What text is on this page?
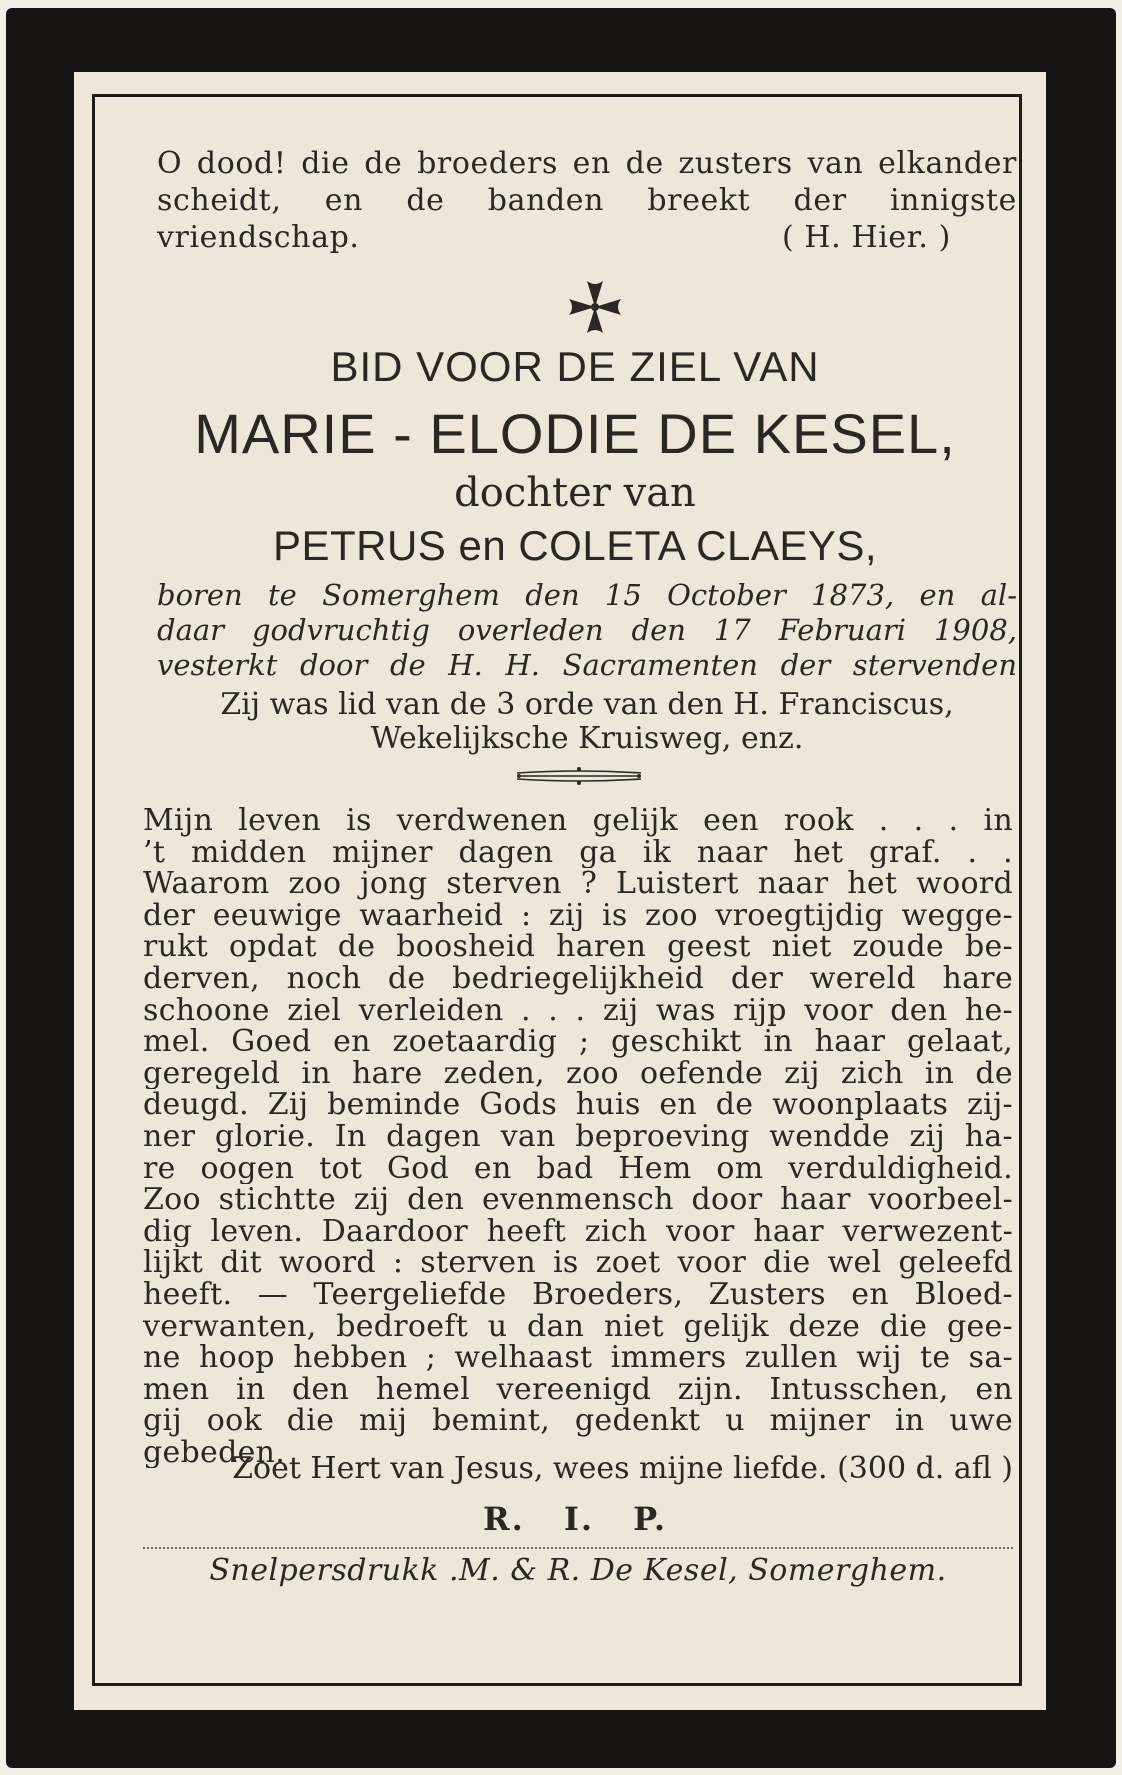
O dood! die de broeders en de zusters van elkander scheidt, en de banden breekt der innigste vriendschap.	( H. Hier. )
BID VOOR DE ZIEL VAN
MARIE - ELODIE DE KESEL,
dochter van
PETRUS en COLETA CLAEYS,
boren te Somerghem den 15 October 1873, en al-
daar godvruchtig overleden den 17 Februari 1908,
vesterkt door de H. H. Sacramenten der stervenden
Zij was lid van de 3 orde van den H. Franciscus,
Wekelijksche Kruisweg, enz.
Mijn leven is verdwenen gelijk een rook . . . in
’t midden mijner dagen ga ik naar het graf. . .
Waarom zoo jong sterven ? Luistert naar het woord
der eeuwige waarheid : zij is zoo vroegtijdig wegge-
rukt opdat de boosheid haren geest niet zoude be-
derven, noch de bedriegelijkheid der wereld hare
schoone ziel verleiden . . . zij was rijp voor den he-
mel. Goed en zoetaardig ; geschikt in haar gelaat,
geregeld in hare zeden, zoo oefende zij zich in de
deugd. Zij beminde Gods huis en de woonplaats zij-
ner glorie. In dagen van beproeving wendde zij ha-
re oogen tot God en bad Hem om verduldigheid.
Zoo stichtte zij den evenmensch door haar voorbeel-
dig leven. Daardoor heeft zich voor haar verwezent-
lijkt dit woord : sterven is zoet voor die wel geleefd
heeft. — Teergeliefde Broeders, Zusters en Bloed-
verwanten, bedroeft u dan niet gelijk deze die gee-
ne hoop hebben ; welhaast immers zullen wij te sa-
men in den hemel vereenigd zijn. Intusschen, en
gij ook die mij bemint, gedenkt u mijner in uwe
gebeden.
Zoet Hert van Jesus, wees mijne liefde. (300 d. afl )
R. I. P.
Snelpersdrukk .M. & R. De Kesel, Somerghem.
